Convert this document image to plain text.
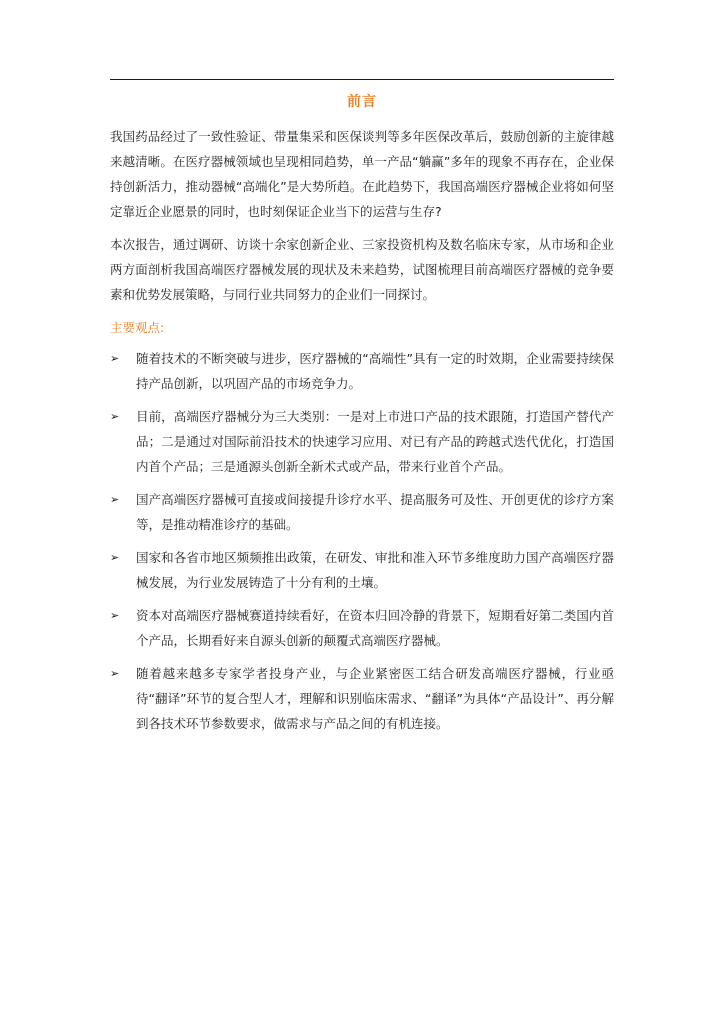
前言

我国药品经过了一致性验证、带量集采和医保谈判等多年医保改革后，鼓励创新的主旋律越来越清晰。在医疗器械领域也呈现相同趋势，单一产品“躺赢”多年的现象不再存在，企业保持创新活力，推动器械“高端化”是大势所趋。在此趋势下，我国高端医疗器械企业将如何坚定靠近企业愿景的同时，也时刻保证企业当下的运营与生存?

本次报告，通过调研、访谈十余家创新企业、三家投资机构及数名临床专家，从市场和企业两方面剖析我国高端医疗器械发展的现状及未来趋势，试图梳理目前高端医疗器械的竞争要素和优势发展策略，与同行业共同努力的企业们一同探讨。

主要观点:
➢	随着技术的不断突破与进步，医疗器械的“高端性”具有一定的时效期，企业需要持续保持产品创新，以巩固产品的市场竞争力。
➢	目前，高端医疗器械分为三大类别：一是对上市进口产品的技术跟随，打造国产替代产品；二是通过对国际前沿技术的快速学习应用、对已有产品的跨越式迭代优化，打造国内首个产品；三是通源头创新全新术式或产品，带来行业首个产品。
➢	国产高端医疗器械可直接或间接提升诊疗水平、提高服务可及性、开创更优的诊疗方案等，是推动精准诊疗的基础。
➢	国家和各省市地区频频推出政策，在研发、审批和准入环节多维度助力国产高端医疗器械发展，为行业发展铸造了十分有利的土壤。
➢	资本对高端医疗器械赛道持续看好，在资本归回冷静的背景下，短期看好第二类国内首个产品，长期看好来自源头创新的颠覆式高端医疗器械。
➢	随着越来越多专家学者投身产业，与企业紧密医工结合研发高端医疗器械，行业亟待“翻译”环节的复合型人才，理解和识别临床需求、“翻译”为具体“产品设计”、再分解到各技术环节参数要求，做需求与产品之间的有机连接。
